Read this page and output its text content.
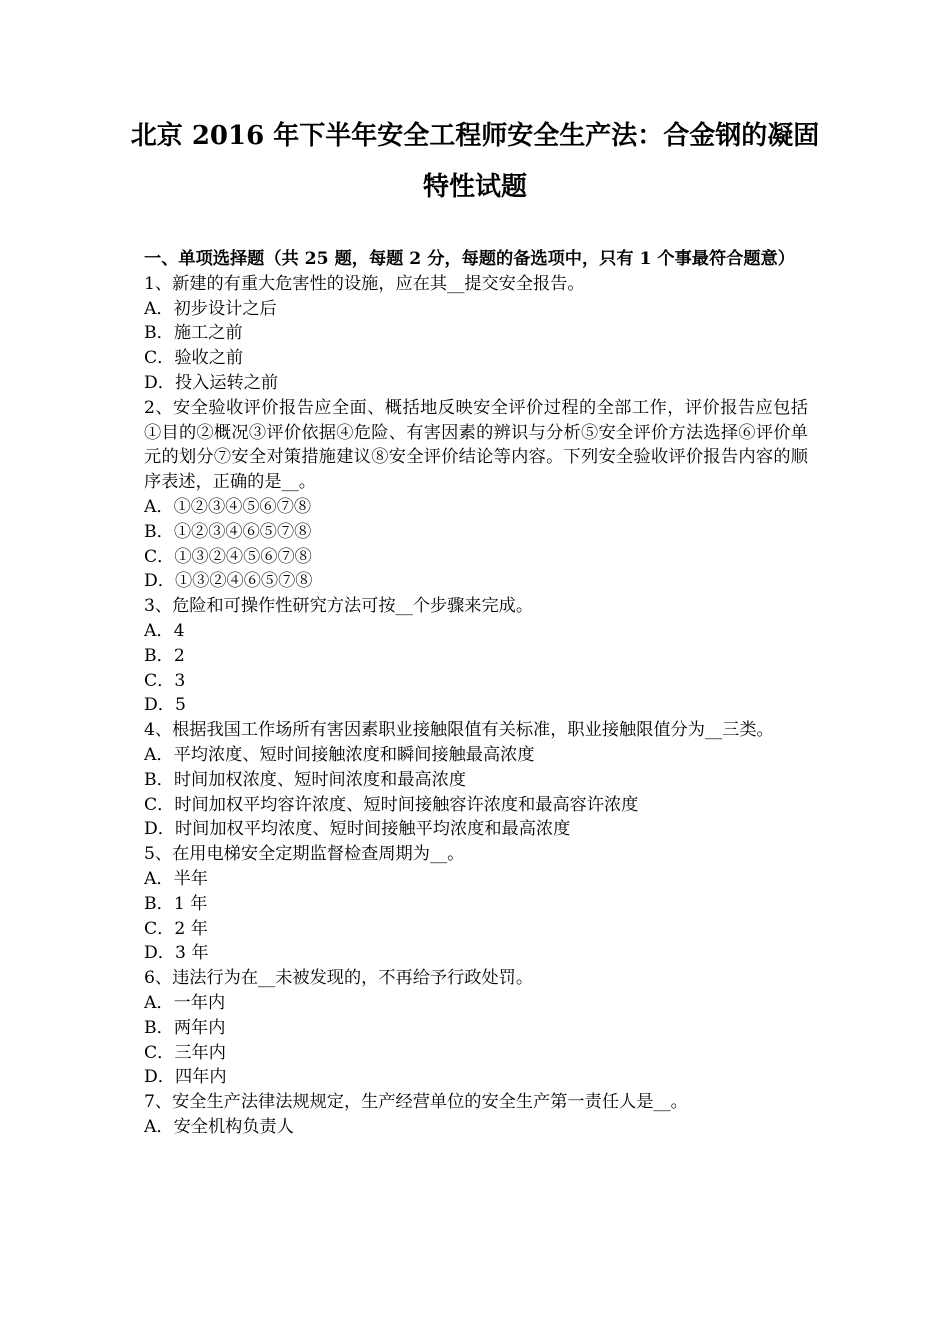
北京 2016 年下半年安全工程师安全生产法：合金钢的凝固
特性试题

一、单项选择题（共 25 题，每题 2 分，每题的备选项中，只有 1 个事最符合题意）

1、新建的有重大危害性的设施，应在其__提交安全报告。

A．初步设计之后

B．施工之前

C．验收之前

D．投入运转之前

2、安全验收评价报告应全面、概括地反映安全评价过程的全部工作，评价报告应包括①目的②概况③评价依据④危险、有害因素的辨识与分析⑤安全评价方法选择⑥评价单元的划分⑦安全对策措施建议⑧安全评价结论等内容。下列安全验收评价报告内容的顺序表述，正确的是__。

A．①②③④⑤⑥⑦⑧

B．①②③④⑥⑤⑦⑧

C．①③②④⑤⑥⑦⑧

D．①③②④⑥⑤⑦⑧

3、危险和可操作性研究方法可按__个步骤来完成。

A．4

B．2

C．3

D．5

4、根据我国工作场所有害因素职业接触限值有关标准，职业接触限值分为__三类。

A．平均浓度、短时间接触浓度和瞬间接触最高浓度

B．时间加权浓度、短时间浓度和最高浓度

C．时间加权平均容许浓度、短时间接触容许浓度和最高容许浓度

D．时间加权平均浓度、短时间接触平均浓度和最高浓度

5、在用电梯安全定期监督检查周期为__。

A．半年

B．1 年

C．2 年

D．3 年

6、违法行为在__未被发现的，不再给予行政处罚。

A．一年内

B．两年内

C．三年内

D．四年内

7、安全生产法律法规规定，生产经营单位的安全生产第一责任人是__。

A．安全机构负责人
